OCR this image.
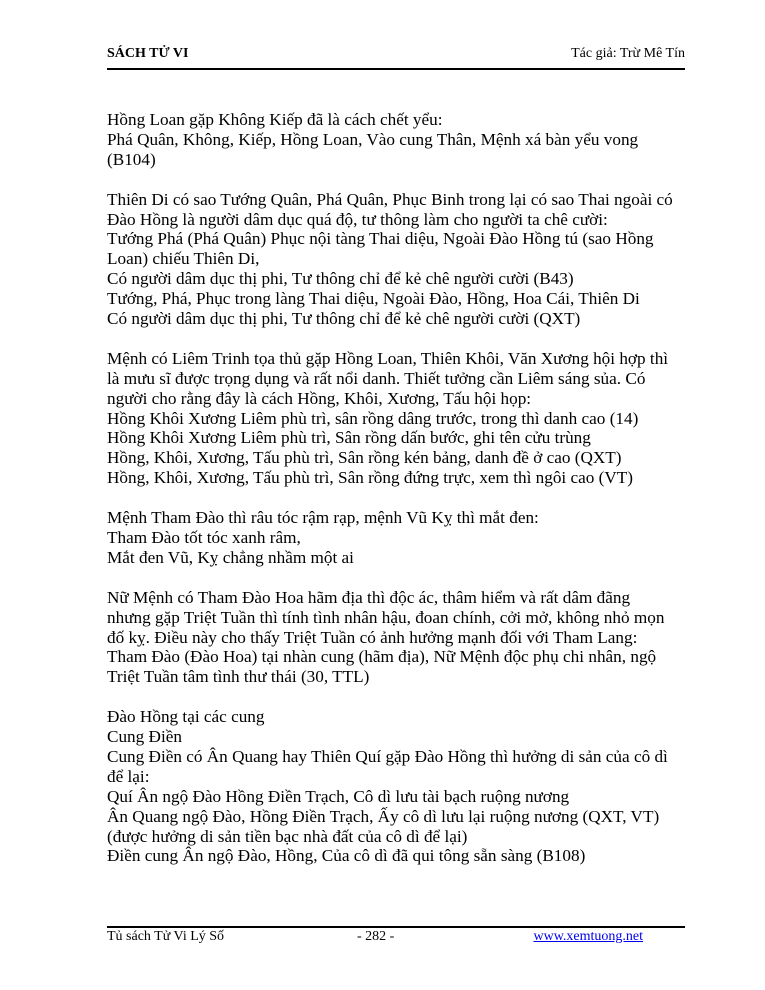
SÁCH TỬ VI	Tác giả: Trừ Mê Tín

Hồng Loan gặp Không Kiếp đã là cách chết yểu:
Phá Quân, Không, Kiếp, Hồng Loan, Vào cung Thân, Mệnh xá bàn yểu vong
(B104)

Thiên Di có sao Tướng Quân, Phá Quân, Phục Binh trong lại có sao Thai ngoài có
Đào Hồng là người dâm dục quá độ, tư thông làm cho người ta chê cười:
Tướng Phá (Phá Quân) Phục nội tàng Thai diệu, Ngoài Đào Hồng tú (sao Hồng
Loan) chiếu Thiên Di,
Có người dâm dục thị phi, Tư thông chỉ để kẻ chê người cười (B43)
Tướng, Phá, Phục trong làng Thai diệu, Ngoài Đào, Hồng, Hoa Cái, Thiên Di
Có người dâm dục thị phi, Tư thông chỉ để kẻ chê người cười (QXT)

Mệnh có Liêm Trinh tọa thủ gặp Hồng Loan, Thiên Khôi, Văn Xương hội hợp thì
là mưu sĩ được trọng dụng và rất nổi danh. Thiết tưởng cần Liêm sáng sủa. Có
người cho rằng đây là cách Hồng, Khôi, Xương, Tấu hội họp:
Hồng Khôi Xương Liêm phù trì, sân rồng dâng trước, trong thì danh cao (14)
Hồng Khôi Xương Liêm phù trì, Sân rồng dấn bước, ghi tên cửu trùng
Hồng, Khôi, Xương, Tấu phù trì, Sân rồng kén bảng, danh đề ở cao (QXT)
Hồng, Khôi, Xương, Tấu phù trì, Sân rồng đứng trực, xem thì ngôi cao (VT)

Mệnh Tham Đào thì râu tóc rậm rạp, mệnh Vũ Kỵ thì mắt đen:
Tham Đào tốt tóc xanh râm,
Mắt đen Vũ, Kỵ chẳng nhầm một ai

Nữ Mệnh có Tham Đào Hoa hãm địa thì độc ác, thâm hiểm và rất dâm đãng
nhưng gặp Triệt Tuần thì tính tình nhân hậu, đoan chính, cởi mở, không nhỏ mọn
đố kỵ. Điều này cho thấy Triệt Tuần có ảnh hưởng mạnh đối với Tham Lang:
Tham Đào (Đào Hoa) tại nhàn cung (hãm địa), Nữ Mệnh độc phụ chi nhân, ngộ
Triệt Tuần tâm tình thư thái (30, TTL)

Đào Hồng tại các cung
Cung Điền
Cung Điền có Ân Quang hay Thiên Quí gặp Đào Hồng thì hưởng di sản của cô dì
để lại:
Quí Ân ngộ Đào Hồng Điền Trạch, Cô dì lưu tài bạch ruộng nương
Ân Quang ngộ Đào, Hồng Điền Trạch, Ấy cô dì lưu lại ruộng nương (QXT, VT)
(được hưởng di sản tiền bạc nhà đất của cô dì để lại)
Điền cung Ân ngộ Đào, Hồng, Của cô dì đã qui tông sẵn sàng (B108)

Tủ sách Tử Vi Lý Số	- 282 -	www.xemtuong.net
